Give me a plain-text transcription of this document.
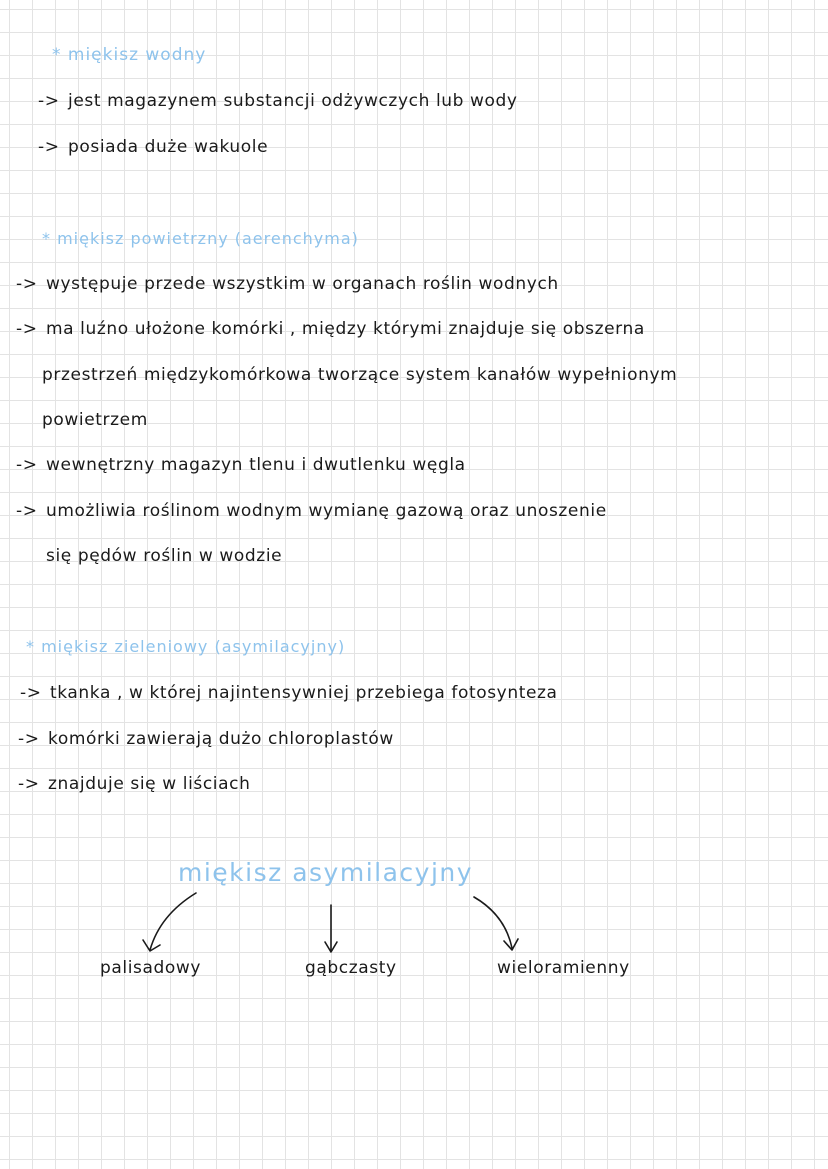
* miękisz wodny
-> jest magazynem substancji odżywczych lub wody
-> posiada duże wakuole
* miękisz powietrzny (aerenchyma)
-> występuje przede wszystkim w organach roślin wodnych
-> ma luźno ułożone komórki , między którymi znajduje się obszerna
przestrzeń międzykomórkowa tworzące system kanałów wypełnionym
powietrzem
-> wewnętrzny magazyn tlenu i dwutlenku węgla
-> umożliwia roślinom wodnym wymianę gazową oraz unoszenie
się pędów roślin w wodzie
* miękisz zieleniowy (asymilacyjny)
-> tkanka , w której najintensywniej przebiega fotosynteza
-> komórki zawierają dużo chloroplastów
-> znajduje się w liściach
miękisz asymilacyjny
palisadowy	gąbczasty	wieloramienny
